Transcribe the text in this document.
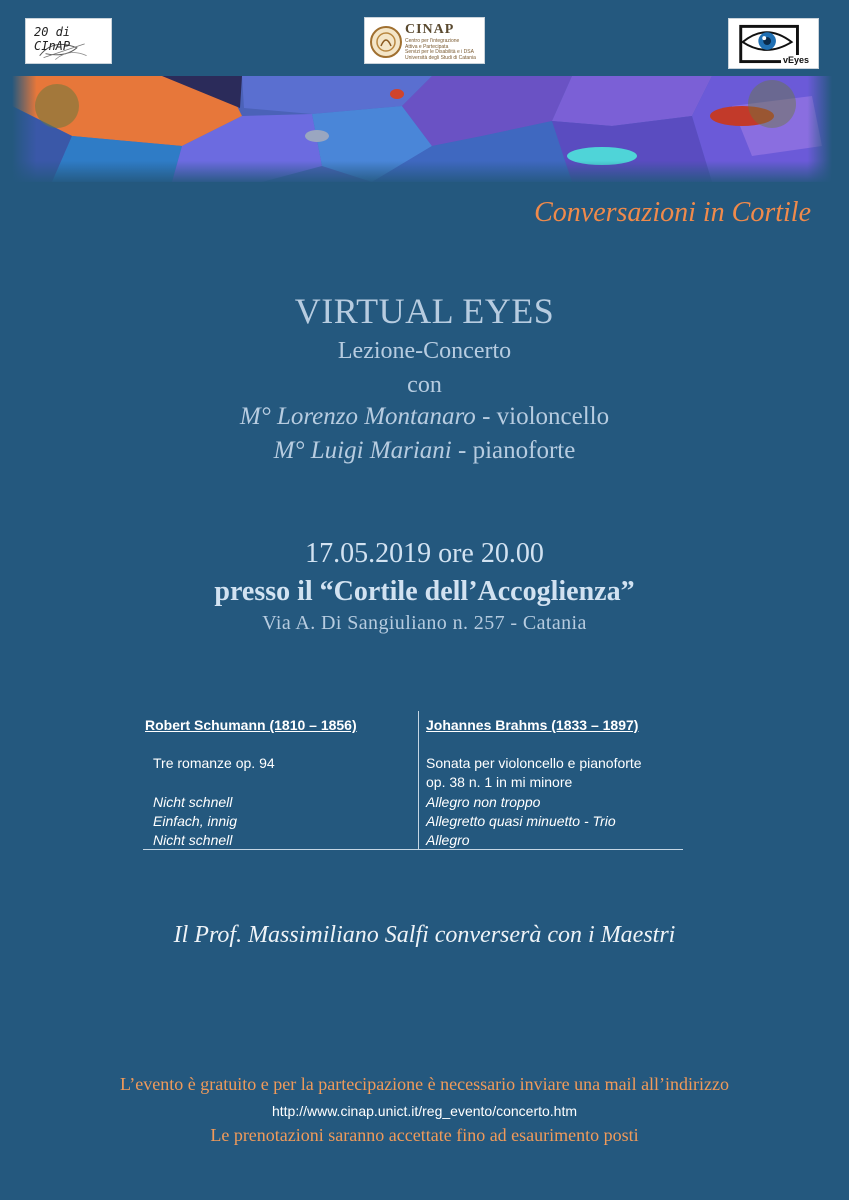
20 di CInAP
CINAP
Centro per l'integrazione
Attiva e Partecipata
Servizi per le Disabilità e i DSA
Università degli Studi di Catania	vEyes
Conversazioni in Cortile
VIRTUAL EYES
Lezione-Concerto
con
M° Lorenzo Montanaro - violoncello
M° Luigi Mariani - pianoforte
17.05.2019 ore 20.00
presso il “Cortile dell’Accoglienza”
Via A. Di Sangiuliano n. 257 - Catania
Robert Schumann (1810 – 1856)
Tre romanze op. 94
Nicht schnell
Einfach, innig
Nicht schnell
Johannes Brahms (1833 – 1897)
Sonata per violoncello e pianoforte
op. 38 n. 1 in mi minore
Allegro non troppo
Allegretto quasi minuetto - Trio
Allegro
Il Prof. Massimiliano Salfi converserà con i Maestri
L’evento è gratuito e per la partecipazione è necessario inviare una mail all’indirizzo
http://www.cinap.unict.it/reg_evento/concerto.htm
Le prenotazioni saranno accettate fino ad esaurimento posti
